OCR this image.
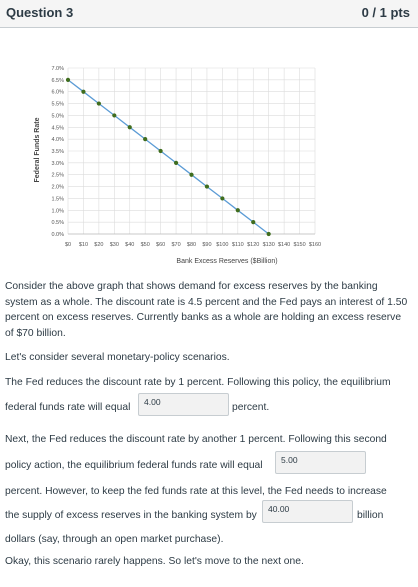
Question 3	0 / 1 pts
0.0%
0.5%
1.0%
1.5%
2.0%
2.5%
3.0%
3.5%
4.0%
4.5%
5.0%
5.5%
6.0%
6.5%
7.0%
$0 $10 $20 $30 $40 $50 $60 $70 $80 $90 $100 $110 $120 $130 $140 $150 $160
Federal Funds Rate
Bank Excess Reserves ($Billion)
Consider the above graph that shows demand for excess reserves by the banking system as a whole. The discount rate is 4.5 percent and the Fed pays an interest of 1.50 percent on excess reserves. Currently banks as a whole are holding an excess reserve of $70 billion.
Let's consider several monetary-policy scenarios.
The Fed reduces the discount rate by 1 percent. Following this policy, the equilibrium
federal funds rate will equal	4.00	percent.
Next, the Fed reduces the discount rate by another 1 percent. Following this second
policy action, the equilibrium federal funds rate will equal	5.00
percent. However, to keep the fed funds rate at this level, the Fed needs to increase
the supply of excess reserves in the banking system by
40.00
billion
dollars (say, through an open market purchase).
Okay, this scenario rarely happens. So let's move to the next one.
